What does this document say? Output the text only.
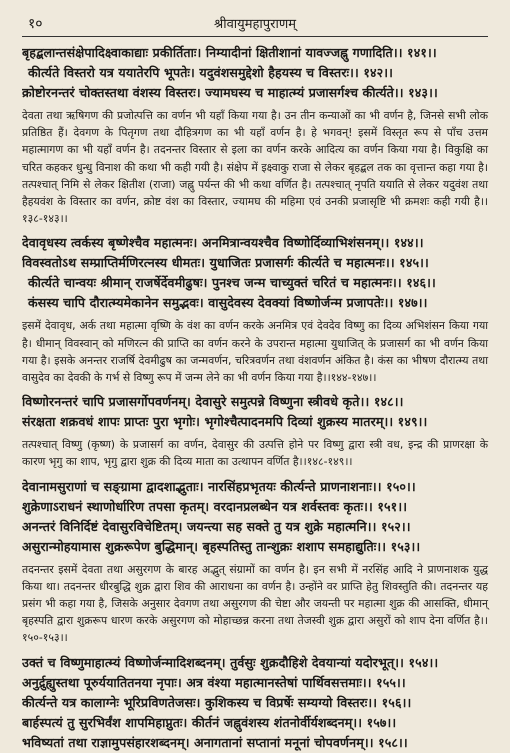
१०	श्रीवायुमहापुराणम्
बृहद्बलान्तसंक्षेपादिक्ष्वाकाद्याः प्रकीर्तिताः। निम्यादीनां क्षितीशानां यावज्जह्नु गणादिति।। १४१।।
कीर्त्यते विस्तरो यत्र ययातेरपि भूपतेः। यदुवंशसमुद्देशो हैहयस्य च विस्तरः।। १४२।।
क्रोष्टोरनन्तरं चोक्तस्तथा वंशस्य विस्तरः। ज्यामघस्य च माहात्म्यं प्रजासर्गश्च कीर्त्यते।। १४३।।

देवता तथा ऋषिगण की प्रजोत्पत्ति का वर्णन भी यहाँ किया गया है। उन तीन कन्याओं का भी वर्णन है, जिनसे सभी लोक प्रतिष्ठित हैं। देवगण के पितृगण तथा दौहित्रगण का भी यहाँ वर्णन है। हे भगवन्! इसमें विस्तृत रूप से पाँच उत्तम महात्मागण का भी यहाँ वर्णन है। तदनन्तर विस्तार से इला का वर्णन करके आदित्य का वर्णन किया गया है। विकुक्षि का चरित कहकर धुन्धु विनाश की कथा भी कही गयी है। संक्षेप में इक्ष्वाकु राजा से लेकर बृहद्बल तक का वृत्तान्त कहा गया है। तत्पश्चात् निमि से लेकर क्षितीश (राजा) जह्नु पर्यन्त की भी कथा वर्णित है। तत्पश्चात् नृपति ययाति से लेकर यदुवंश तथा हैहयवंश के विस्तार का वर्णन, क्रोष्ट वंश का विस्तार, ज्यामघ की महिमा एवं उनकी प्रजासृष्टि भी क्रमशः कही गयी है।।१३८-१४३।।

देवावृधस्य त्वर्कस्य बृष्णेश्चैव महात्मनः। अनमित्रान्वयश्चैव विष्णोर्दिव्याभिशंसनम्।। १४४।।
विवस्वतोऽथ सम्प्राप्तिर्मणिरत्नस्य धीमतः। युधाजितः प्रजासर्गः कीर्त्यते च महात्मनः।। १४५।।
कीर्त्यते चान्वयः श्रीमान् राजर्षेर्देवमीढुषः। पुनश्च जन्म चाच्युक्तं चरितं च महात्मनः।। १४६।।
कंसस्य चापि दौरात्म्यमेकानेन समुद्भवः। वासुदेवस्य देवक्यां विष्णोर्जन्म प्रजापतेः।। १४७।।

इसमें देवावृध, अर्क तथा महात्मा वृष्णि के वंश का वर्णन करके अनमित्र एवं देवदेव विष्णु का दिव्य अभिशंसन किया गया है। धीमान् विवस्वान् को मणिरत्न की प्राप्ति का वर्णन करने के उपरान्त महात्मा युधाजित् के प्रजासर्ग का भी वर्णन किया गया है। इसके अनन्तर राजर्षि देवमीढुष का जन्मवर्णन, चरित्रवर्णन तथा वंशवर्णन अंकित है। कंस का भीषण दौरात्म्य तथा वासुदेव का देवकी के गर्भ से विष्णु रूप में जन्म लेने का भी वर्णन किया गया है।।१४४-१४७।।

विष्णोरनन्तरं चापि प्रजासर्गोपवर्णनम्। देवासुरे समुत्पन्ने विष्णुना स्त्रीवधे कृते।। १४८।।
संरक्षता शक्रवधं शापः प्राप्तः पुरा भृगोः। भृगोश्चैत्पादनमपि दिव्यां शुक्रस्य मातरम्।। १४९।।

तत्पश्चात् विष्णु (कृष्ण) के प्रजासर्ग का वर्णन, देवासुर की उत्पत्ति होने पर विष्णु द्वारा स्त्री वध, इन्द्र की प्राणरक्षा के कारण भृगु का शाप, भृगु द्वारा शुक्र की दिव्य माता का उत्थापन वर्णित है।।१४८-१४९।।

देवानामसुराणां च सङ्ग्रामा द्वादशाद्भुताः। नारसिंहप्रभृतयः कीर्त्यन्ते प्राणनाशनाः।। १५०।।
शुक्रेणाऽराधनं स्थाणोर्धारिण तपसा कृतम्। वरदानप्रलब्धेन यत्र शर्वस्तवः कृतः।। १५१।।
अनन्तरं विनिर्दिष्टं देवासुरविचेष्टितम्। जयन्त्या सह सक्ते तु यत्र शुक्रे महात्मनि।। १५२।।
असुरान्मोहयामास शुक्ररूपेण बुद्धिमान्। बृहस्पतिस्तु तान्शुक्रः शशाप समहाद्युतिः।। १५३।।

तदनन्तर इसमें देवता तथा असुरगण के बारह अद्भुत् संग्रामों का वर्णन है। इन सभी में नरसिंह आदि ने प्राणनाशक युद्ध किया था। तदनन्तर धीरबुद्धि शुक्र द्वारा शिव की आराधना का वर्णन है। उन्होंने वर प्राप्ति हेतु शिवस्तुति की। तदनन्तर यह प्रसंग भी कहा गया है, जिसके अनुसार देवगण तथा असुरगण की चेष्टा और जयन्ती पर महात्मा शुक्र की आसक्ति, धीमान् बृहस्पति द्वारा शुक्ररूप धारण करके असुरगण को मोहाच्छन्न करना तथा तेजस्वी शुक्र द्वारा असुरों को शाप देना वर्णित है।।१५०-१५३।।

उक्तं च विष्णुमाहात्म्यं विष्णोर्जन्मादिशब्दनम्। तुर्वसुः शुक्रदौहिशे देवयान्यां यदोरभूत्।। १५४।।
अनुर्द्रुह्युस्तथा पूरुर्ययातितनया नृपाः। अत्र वंश्या महात्मानस्तेषां पार्थिवसत्तमाः।। १५५।।
कीर्त्यन्ते यत्र कालाग्नेः भूरिप्रविणतेजसः। कुशिकस्य च विप्रर्षेः सम्यग्यो विस्तरः।। १५६।।
बार्हस्पत्यं तु सुरभिर्वंश शापमिहाप्नुतः। कीर्तनं जह्नुवंशस्य शंतनोर्वीर्यशब्दनम्।। १५७।।
भविष्यतां तथा राज्ञामुपसंहारशब्दनम्। अनागतानां सप्तानां मनूनां चोपवर्णनम्।। १५८।।
